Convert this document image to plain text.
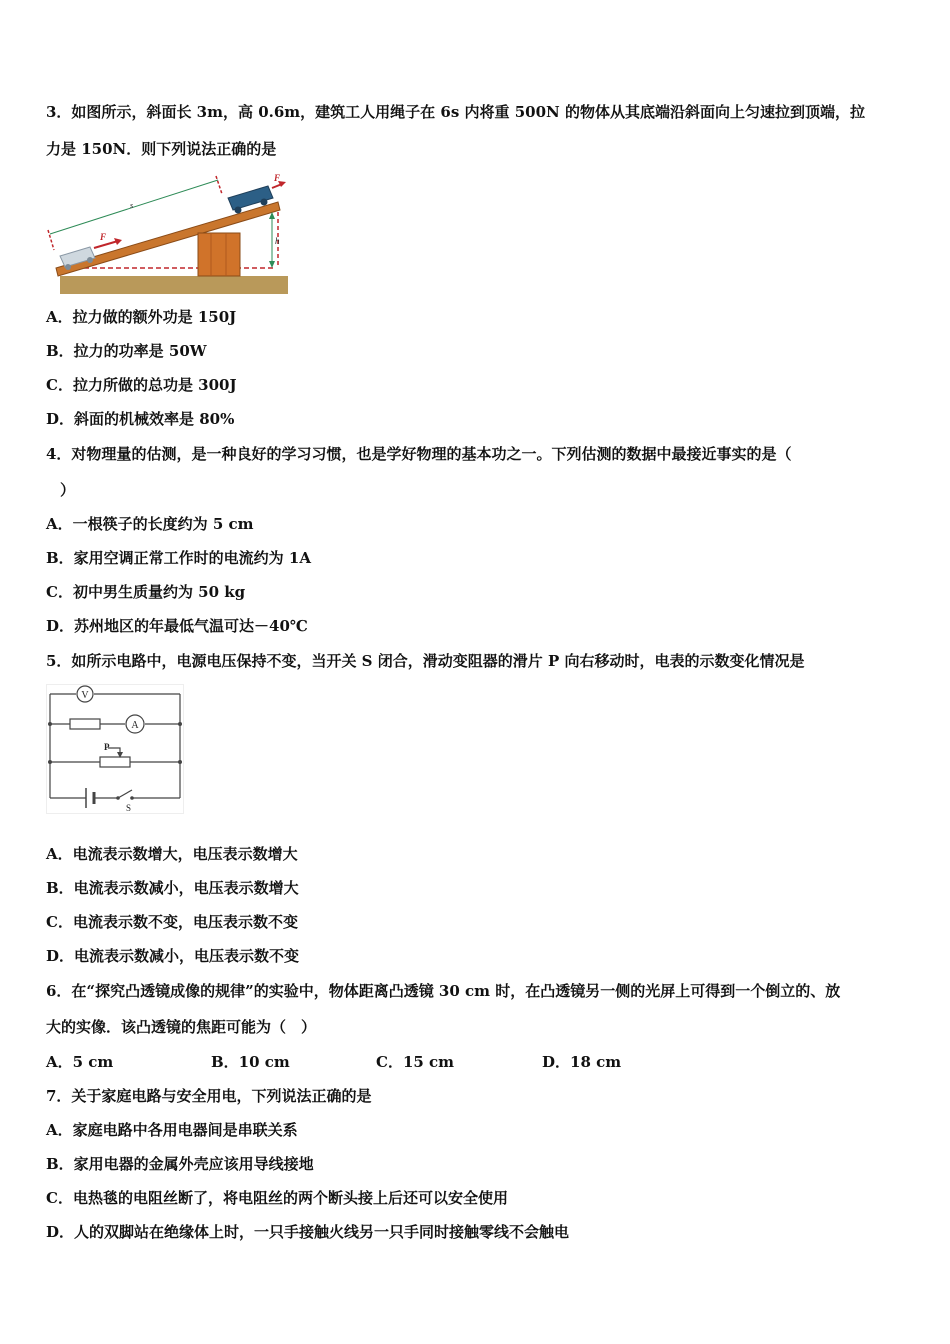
3．如图所示，斜面长 3m，高 0.6m，建筑工人用绳子在 6s 内将重 500N 的物体从其底端沿斜面向上匀速拉到顶端，拉
力是 150N．则下列说法正确的是
h
s
F
F
A．拉力做的额外功是 150J
B．拉力的功率是 50W
C．拉力所做的总功是 300J
D．斜面的机械效率是 80%
4．对物理量的估测，是一种良好的学习习惯，也是学好物理的基本功之一。下列估测的数据中最接近事实的是（
）
A．一根筷子的长度约为 5 cm
B．家用空调正常工作时的电流约为 1A
C．初中男生质量约为 50 kg
D．苏州地区的年最低气温可达－40℃
5．如所示电路中，电源电压保持不变，当开关 S 闭合，滑动变阻器的滑片 P 向右移动时，电表的示数变化情况是
V
A
P
S
A．电流表示数增大，电压表示数增大
B．电流表示数减小，电压表示数增大
C．电流表示数不变，电压表示数不变
D．电流表示数减小，电压表示数不变
6．在“探究凸透镜成像的规律”的实验中，物体距离凸透镜 30 cm 时，在凸透镜另一侧的光屏上可得到一个倒立的、放
大的实像．该凸透镜的焦距可能为（　）
A．5 cm	B．10 cm	C．15 cm	D．18 cm
7．关于家庭电路与安全用电，下列说法正确的是
A．家庭电路中各用电器间是串联关系
B．家用电器的金属外壳应该用导线接地
C．电热毯的电阻丝断了，将电阻丝的两个断头接上后还可以安全使用
D．人的双脚站在绝缘体上时，一只手接触火线另一只手同时接触零线不会触电
